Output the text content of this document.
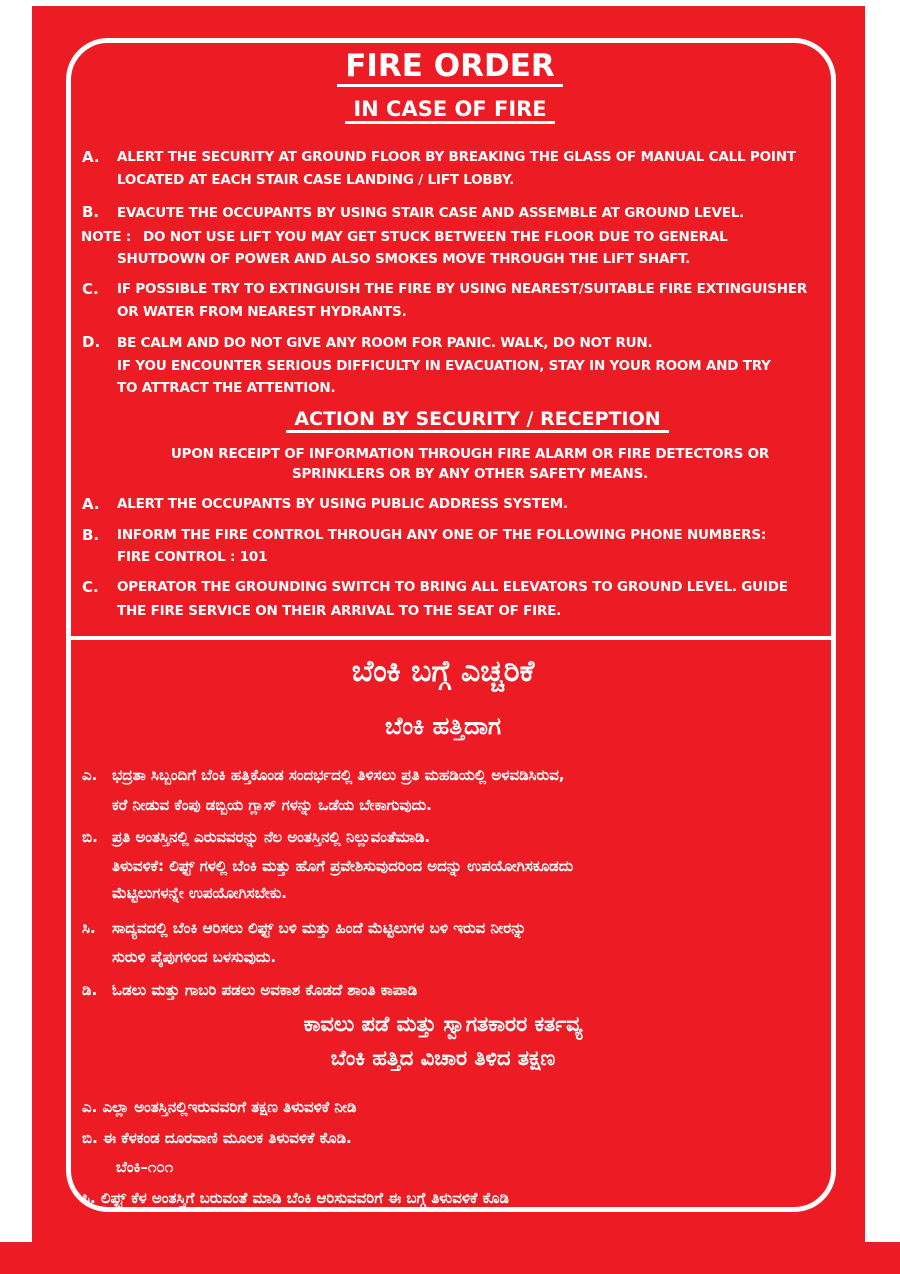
FIRE ORDER
IN CASE OF FIRE
A. ALERT THE SECURITY AT GROUND FLOOR BY BREAKING THE GLASS OF MANUAL CALL POINT
LOCATED AT EACH STAIR CASE LANDING / LIFT LOBBY.
B. EVACUTE THE OCCUPANTS BY USING STAIR CASE AND ASSEMBLE AT GROUND LEVEL.
NOTE : DO NOT USE LIFT YOU MAY GET STUCK BETWEEN THE FLOOR DUE TO GENERAL
SHUTDOWN OF POWER AND ALSO SMOKES MOVE THROUGH THE LIFT SHAFT.
C. IF POSSIBLE TRY TO EXTINGUISH THE FIRE BY USING NEAREST/SUITABLE FIRE EXTINGUISHER
OR WATER FROM NEAREST HYDRANTS.
D. BE CALM AND DO NOT GIVE ANY ROOM FOR PANIC. WALK, DO NOT RUN.
IF YOU ENCOUNTER SERIOUS DIFFICULTY IN EVACUATION, STAY IN YOUR ROOM AND TRY
TO ATTRACT THE ATTENTION.
ACTION BY SECURITY / RECEPTION
UPON RECEIPT OF INFORMATION THROUGH FIRE ALARM OR FIRE DETECTORS OR
SPRINKLERS OR BY ANY OTHER SAFETY MEANS.
A. ALERT THE OCCUPANTS BY USING PUBLIC ADDRESS SYSTEM.
B. INFORM THE FIRE CONTROL THROUGH ANY ONE OF THE FOLLOWING PHONE NUMBERS:
FIRE CONTROL : 101
C. OPERATOR THE GROUNDING SWITCH TO BRING ALL ELEVATORS TO GROUND LEVEL. GUIDE
THE FIRE SERVICE ON THEIR ARRIVAL TO THE SEAT OF FIRE.
ಬೆಂಕಿ ಬಗ್ಗೆ ಎಚ್ಚರಿಕೆ
ಬೆಂಕಿ ಹತ್ತಿದಾಗ
ಎ. ಭದ್ರತಾ ಸಿಬ್ಬಂದಿಗೆ ಬೆಂಕಿ ಹತ್ತಿಕೊಂಡ ಸಂದರ್ಭದಲ್ಲಿ ತಿಳಿಸಲು ಪ್ರತಿ ಮಹಡಿಯಲ್ಲಿ ಅಳವಡಿಸಿರುವ,
ಕರೆ ನೀಡುವ ಕೆಂಪು ಡಬ್ಬಿಯ ಗ್ಲಾಸ್ ಗಳನ್ನು ಒಡೆಯ ಬೇಕಾಗುವುದು.
ಬಿ. ಪ್ರತಿ ಅಂತಸ್ತಿನಲ್ಲಿ ಎರುವವರನ್ನು ನೆಲ ಅಂತಸ್ತಿನಲ್ಲಿ ನಿಲ್ಲುವಂತೆಮಾಡಿ.
ತಿಳುವಳಿಕೆ: ಲಿಫ್ಟ್ ಗಳಲ್ಲಿ ಬೆಂಕಿ ಮತ್ತು ಹೊಗೆ ಪ್ರವೇಶಿಸುವುದರಿಂದ ಅದನ್ನು ಉಪಯೋಗಿಸಕೂಡದು
ಮೆಟ್ಟಿಲುಗಳನ್ನೇ ಉಪಯೋಗಿಸಬೇಕು.
ಸಿ. ಸಾದ್ಯವದಲ್ಲಿ ಬೆಂಕಿ ಆರಿಸಲು ಲಿಫ್ಟ್ ಬಳಿ ಮತ್ತು ಹಿಂದೆ ಮೆಟ್ಟಿಲುಗಳ ಬಳಿ ಇರುವ ನೀರನ್ನು
ಸುರುಳಿ ಪೈಪುಗಳಿಂದ ಬಳಸುವುದು.
ಡಿ. ಓಡಲು ಮತ್ತು ಗಾಬರಿ ಪಡಲು ಅವಕಾಶ ಕೊಡದೆ ಶಾಂತಿ ಕಾಪಾಡಿ
ಕಾವಲು ಪಡೆ ಮತ್ತು ಸ್ವಾಗತಕಾರರ ಕರ್ತವ್ಯ
ಬೆಂಕಿ ಹತ್ತಿದ ವಿಚಾರ ತಿಳಿದ ತಕ್ಷಣ
ಎ. ಎಲ್ಲಾ ಅಂತಸ್ತಿನಲ್ಲಿಇರುವವರಿಗೆ ತಕ್ಷಣ ತಿಳುವಳಿಕೆ ನೀಡಿ
ಬಿ. ಈ ಕೆಳಕಂಡ ದೂರವಾಣಿ ಮೂಲಕ ತಿಳುವಳಿಕೆ ಕೊಡಿ.
ಬೆಂಕಿ–೧೦೧
ಸಿ. ಲಿಫ್ಟ್ ಕೆಳ ಅಂತಸ್ತಿಗೆ ಬರುವಂತೆ ಮಾಡಿ ಬೆಂಕಿ ಆರಿಸುವವರಿಗೆ ಈ ಬಗ್ಗೆ ತಿಳುವಳಿಕೆ ಕೊಡಿ
